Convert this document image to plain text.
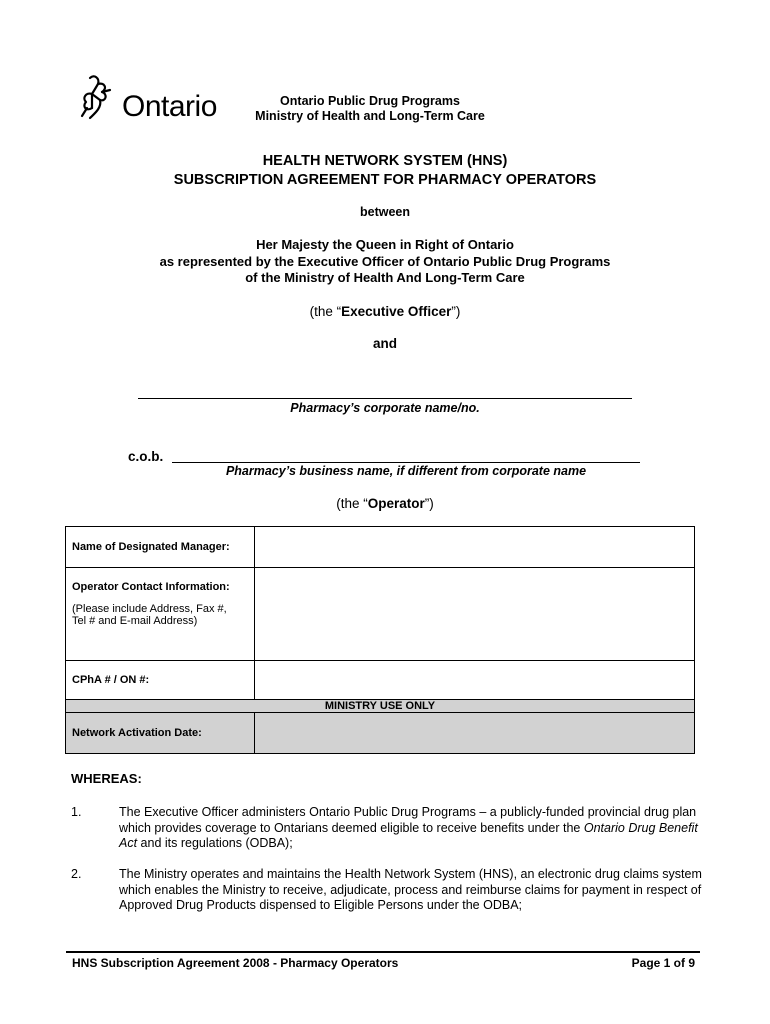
Ontario	Ontario Public Drug Programs
Ministry of Health and Long-Term Care
HEALTH NETWORK SYSTEM (HNS)
SUBSCRIPTION AGREEMENT FOR PHARMACY OPERATORS
between
Her Majesty the Queen in Right of Ontario
as represented by the Executive Officer of Ontario Public Drug Programs
of the Ministry of Health And Long-Term Care
(the “Executive Officer”)
and
Pharmacy’s corporate name/no.
c.o.b.
Pharmacy’s business name, if different from corporate name
(the “Operator”)
Name of Designated Manager:	

Operator Contact Information:
(Please include Address, Fax #,
Tel # and E-mail Address)	

CPhA # / ON #:	
MINISTRY USE ONLY	
Network Activation Date:	
WHEREAS:
1.	The Executive Officer administers Ontario Public Drug Programs – a publicly-funded provincial drug plan which provides coverage to Ontarians deemed eligible to receive benefits under the Ontario Drug Benefit Act and its regulations (ODBA);
2.	The Ministry operates and maintains the Health Network System (HNS), an electronic drug claims system which enables the Ministry to receive, adjudicate, process and reimburse claims for payment in respect of Approved Drug Products dispensed to Eligible Persons under the ODBA;
HNS Subscription Agreement 2008 - Pharmacy Operators	Page 1 of 9
